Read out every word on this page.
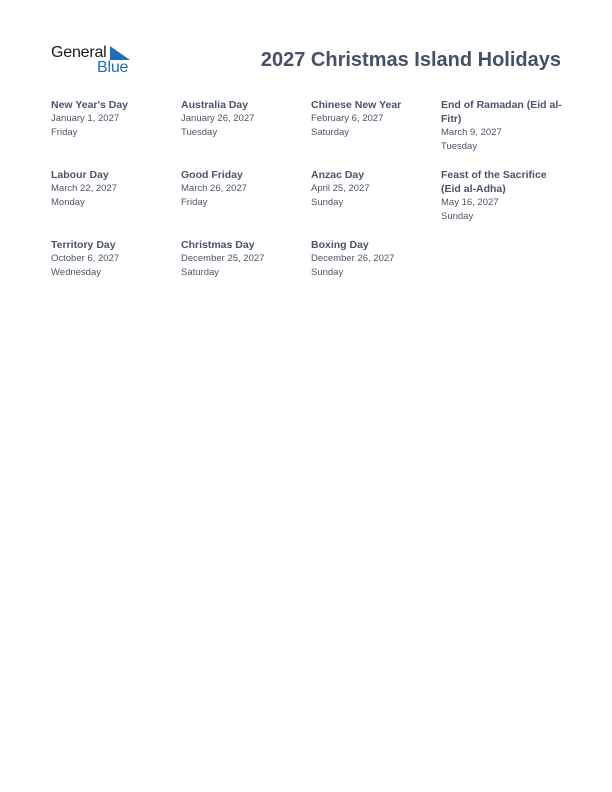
General
Blue	2027 Christmas Island Holidays
New Year's Day
January 1, 2027
Friday
Australia Day
January 26, 2027
Tuesday
Chinese New Year
February 6, 2027
Saturday
End of Ramadan (Eid al-Fitr)
March 9, 2027
Tuesday
Labour Day
March 22, 2027
Monday
Good Friday
March 26, 2027
Friday
Anzac Day
April 25, 2027
Sunday
Feast of the Sacrifice (Eid al-Adha)
May 16, 2027
Sunday
Territory Day
October 6, 2027
Wednesday
Christmas Day
December 25, 2027
Saturday
Boxing Day
December 26, 2027
Sunday
